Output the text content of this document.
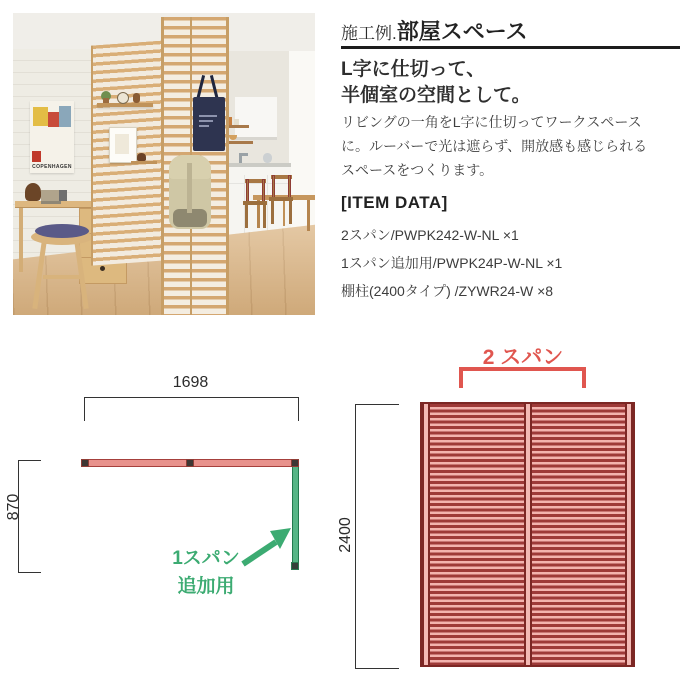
COPENHAGEN
施工例.部屋スペース
L字に仕切って、
半個室の空間として。
リビングの一角をL字に仕切ってワークスペースに。ルーバーで光は遮らず、開放感も感じられるスペースをつくります。
[ITEM DATA]
2スパン/PWPK242-W-NL ×1
1スパン追加用/PWPK24P-W-NL ×1
棚柱(2400タイプ) /ZYWR24-W ×8
1698
870
1スパン
追加用
2 スパン
2400
